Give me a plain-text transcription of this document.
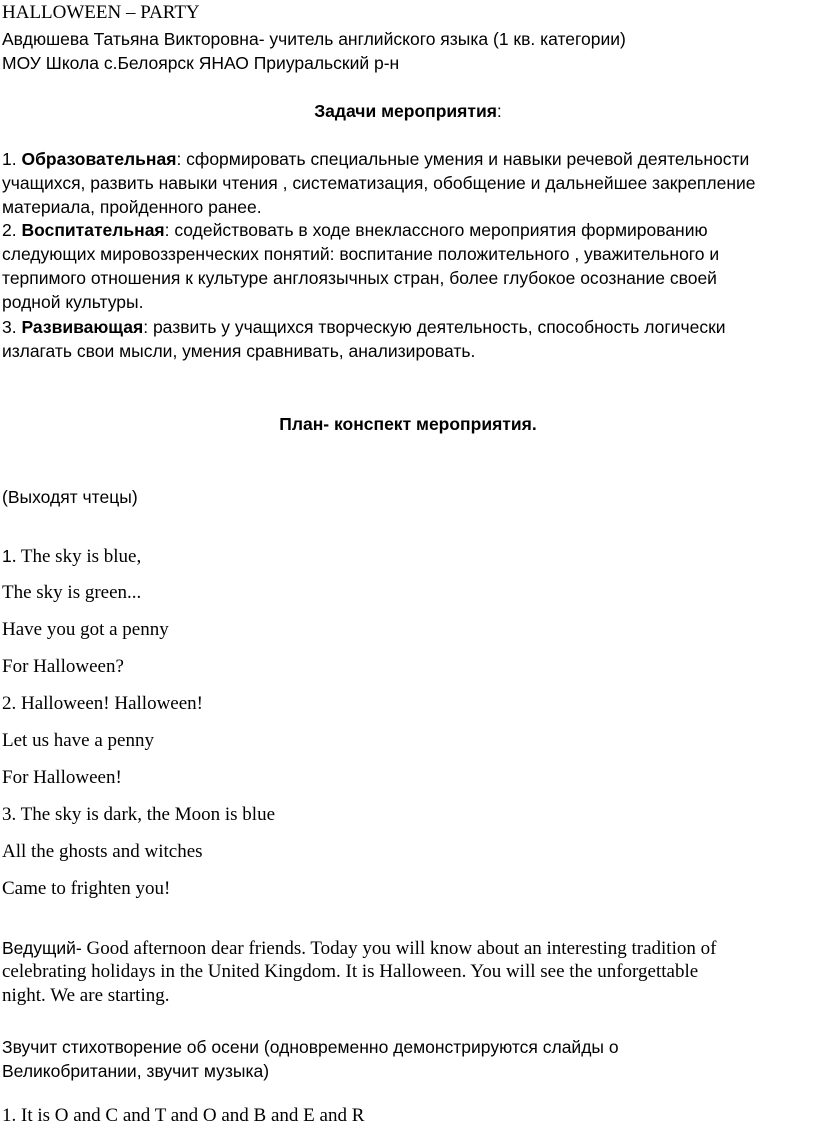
HALLOWEEN – PARTY
Авдюшева Татьяна Викторовна- учитель английского языка (1 кв. категории)
МОУ Школа с.Белоярск ЯНАО Приуральский р-н
Задачи мероприятия:
1. Образовательная: сформировать специальные умения и навыки речевой деятельности
учащихся, развить навыки чтения , систематизация, обобщение и дальнейшее закрепление
материала, пройденного ранее.
2. Воспитательная: содействовать в ходе внеклассного мероприятия формированию
следующих мировоззренческих понятий: воспитание положительного , уважительного и
терпимого отношения к культуре англоязычных стран, более глубокое осознание своей
родной культуры.
3. Развивающая: развить у учащихся творческую деятельность, способность логически
излагать свои мысли, умения сравнивать, анализировать.
План- конспект мероприятия.
(Выходят чтецы)
1. The sky is blue,
The sky is green...
Have you got a penny
For Halloween?
2. Halloween! Halloween!
Let us have a penny
For Halloween!
3. The sky is dark, the Moon is blue
All the ghosts and witches
Came to frighten you!
Ведущий- Good afternoon dear friends. Today you will know about an interesting tradition of
celebrating holidays in the United Kingdom. It is Halloween. You will see the unforgettable
night. We are starting.
Звучит стихотворение об осени (одновременно демонстрируются слайды о
Великобритании, звучит музыка)
1. It is O and C and T and O and B and E and R
